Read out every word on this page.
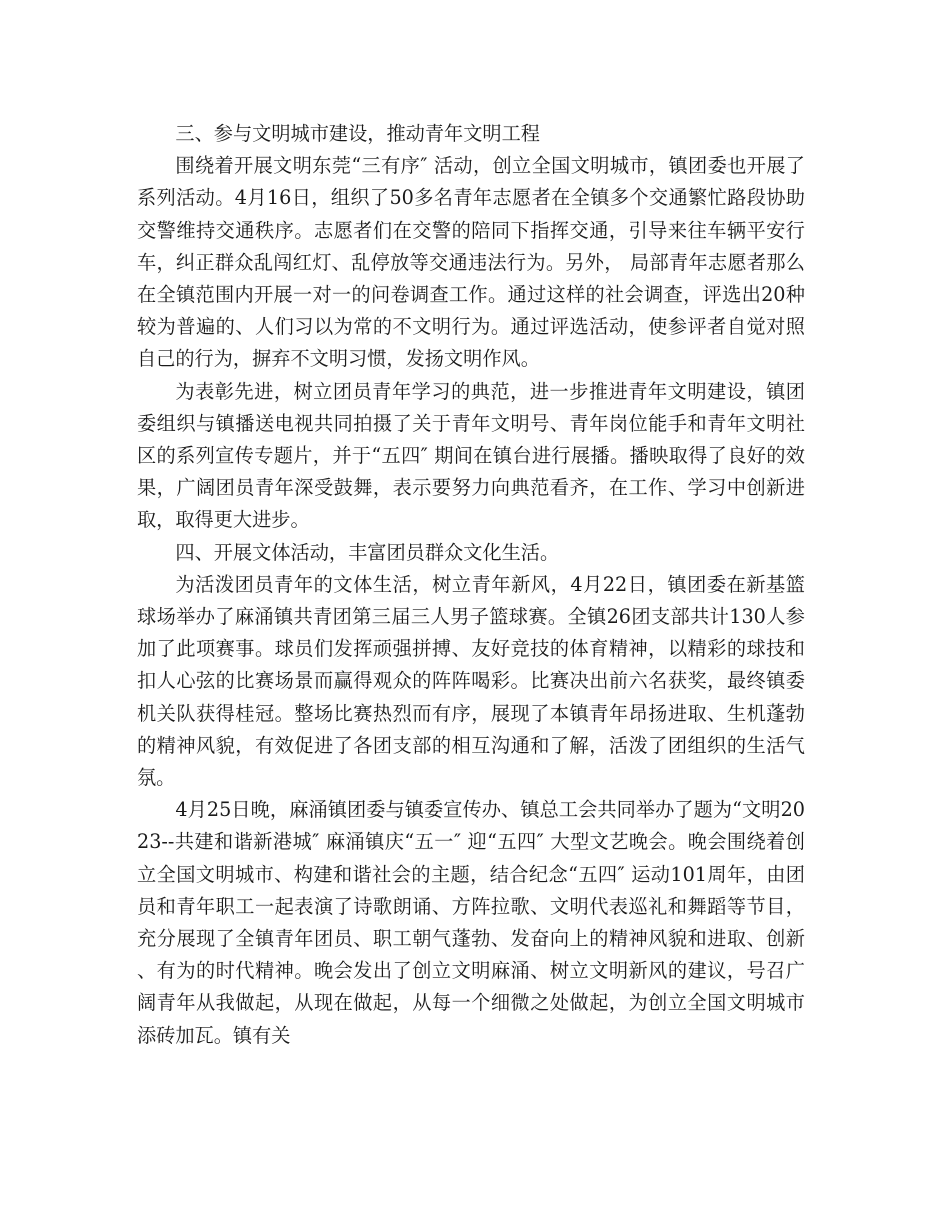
三、参与文明城市建设，推动青年文明工程

围绕着开展文明东莞“三有序″ 活动，创立全国文明城市，镇团委也开展了系列活动。4月16日，组织了50多名青年志愿者在全镇多个交通繁忙路段协助交警维持交通秩序。志愿者们在交警的陪同下指挥交通，引导来往车辆平安行车，纠正群众乱闯红灯、乱停放等交通违法行为。另外， 局部青年志愿者那么在全镇范围内开展一对一的问卷调查工作。通过这样的社会调查，评选出20种较为普遍的、人们习以为常的不文明行为。通过评选活动，使参评者自觉对照自己的行为，摒弃不文明习惯，发扬文明作风。

为表彰先进，树立团员青年学习的典范，进一步推进青年文明建设，镇团委组织与镇播送电视共同拍摄了关于青年文明号、青年岗位能手和青年文明社区的系列宣传专题片，并于“五四″ 期间在镇台进行展播。播映取得了良好的效果，广阔团员青年深受鼓舞，表示要努力向典范看齐，在工作、学习中创新进取，取得更大进步。

四、开展文体活动，丰富团员群众文化生活。

为活泼团员青年的文体生活，树立青年新风，4月22日，镇团委在新基篮球场举办了麻涌镇共青团第三届三人男子篮球赛。全镇26团支部共计130人参加了此项赛事。球员们发挥顽强拼搏、友好竞技的体育精神，以精彩的球技和扣人心弦的比赛场景而赢得观众的阵阵喝彩。比赛决出前六名获奖，最终镇委机关队获得桂冠。整场比赛热烈而有序，展现了本镇青年昂扬进取、生机蓬勃的精神风貌，有效促进了各团支部的相互沟通和了解，活泼了团组织的生活气氛。

4月25日晚，麻涌镇团委与镇委宣传办、镇总工会共同举办了题为“文明2023--共建和谐新港城″ 麻涌镇庆“五一″ 迎“五四″ 大型文艺晚会。晚会围绕着创立全国文明城市、构建和谐社会的主题，结合纪念“五四″ 运动101周年，由团员和青年职工一起表演了诗歌朗诵、方阵拉歌、文明代表巡礼和舞蹈等节目，充分展现了全镇青年团员、职工朝气蓬勃、发奋向上的精神风貌和进取、创新、有为的时代精神。晚会发出了创立文明麻涌、树立文明新风的建议，号召广阔青年从我做起，从现在做起，从每一个细微之处做起，为创立全国文明城市添砖加瓦。镇有关
